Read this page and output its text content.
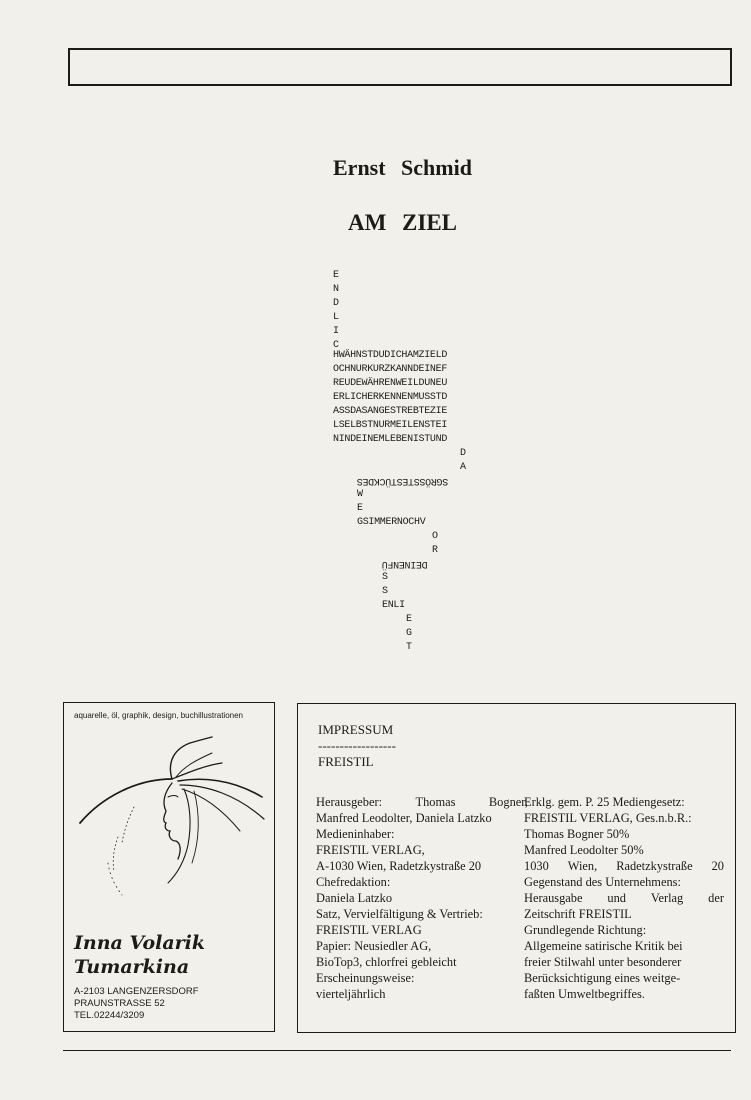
Ernst Schmid
AM ZIEL

E

N

D

L

I

C

HWÄHNSTDUDICHAMZIELD

OCHNURKURZKANNDEINEF

REUDEWÄHRENWEILDUNEU

ERLICHERKENNENMUSSTD

ASSDASANGESTREBTEZIE

LSELBSTNURMEILENSTEI

NINDEINEMLEBENISTUND

D

A

SGRÖSSTESTÜCKDES

W

E

GSIMMERNOCHV

O

R

DEINENFÜ

S

S

ENLI

E

G

T

aquarelle, öl, graphik, design, buchillustrationen
Inna Volarik
Tumarkina
A-2103 LANGENZERSDORF
PRAUNSTRASSE 52
TEL.02244/3209
IMPRESSUM
------------------
FREISTIL
Herausgeber:	Thomas	Bogner,
Manfred Leodolter, Daniela Latzko
Medieninhaber:
FREISTIL VERLAG,
A-1030 Wien, Radetzkystraße 20
Chefredaktion:
Daniela Latzko
Satz, Vervielfältigung & Vertrieb:
FREISTIL VERLAG
Papier: Neusiedler AG,
BioTop3, chlorfrei gebleicht
Erscheinungsweise:
vierteljährlich
Erklg. gem. P. 25 Mediengesetz:
FREISTIL VERLAG, Ges.n.b.R.:
Thomas Bogner 50%
Manfred Leodolter 50%
1030 Wien, Radetzkystraße 20
Gegenstand des Unternehmens:
Herausgabe und Verlag der
Zeitschrift FREISTIL
Grundlegende Richtung:
Allgemeine satirische Kritik bei
freier Stilwahl unter besonderer
Berücksichtigung eines weitge-
faßten Umweltbegriffes.
